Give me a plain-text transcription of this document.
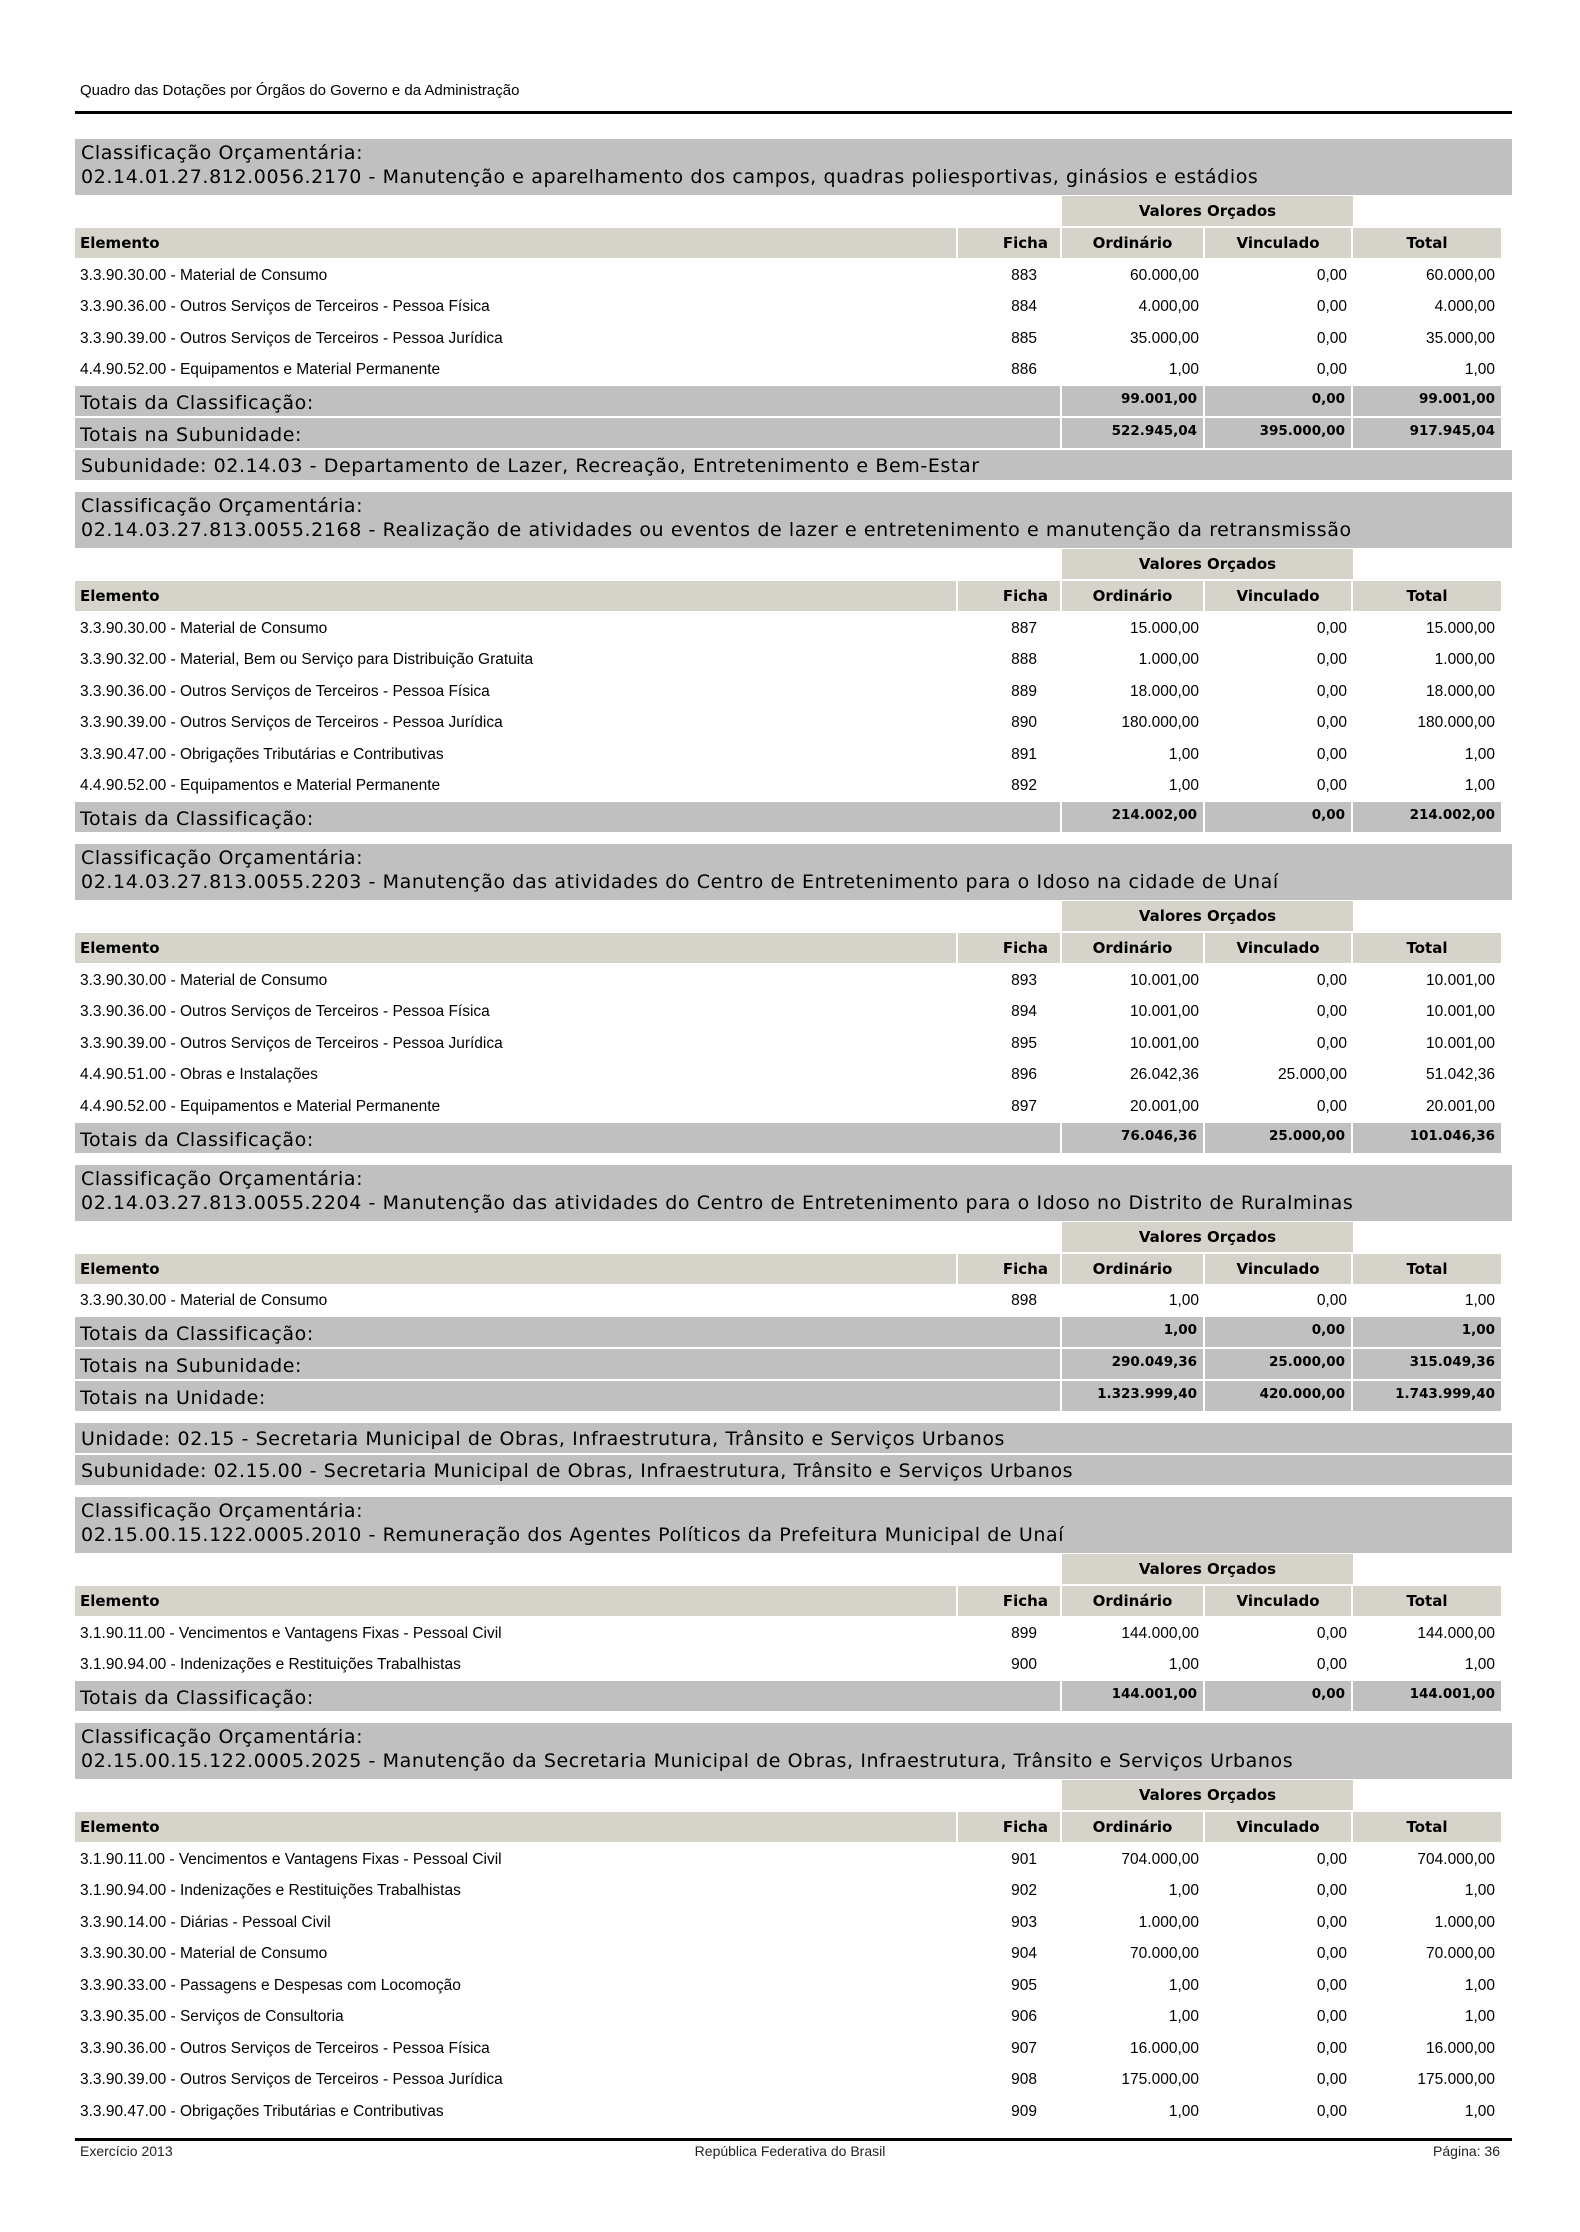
Quadro das Dotações por Órgãos do Governo e da Administração
Classificação Orçamentária:
02.14.01.27.812.0056.2170 - Manutenção e aparelhamento dos campos, quadras poliesportivas, ginásios e estádios
Valores Orçados
Elemento	Ficha	Ordinário	Vinculado	Total
3.3.90.30.00 - Material de Consumo	883	60.000,00	0,00	60.000,00
3.3.90.36.00 - Outros Serviços de Terceiros - Pessoa Física	884	4.000,00	0,00	4.000,00
3.3.90.39.00 - Outros Serviços de Terceiros - Pessoa Jurídica	885	35.000,00	0,00	35.000,00
4.4.90.52.00 - Equipamentos e Material Permanente	886	1,00	0,00	1,00
Totais da Classificação:	99.001,00	0,00	99.001,00
Totais na Subunidade:	522.945,04	395.000,00	917.945,04
Subunidade: 02.14.03 - Departamento de Lazer, Recreação, Entretenimento e Bem-Estar
Classificação Orçamentária:
02.14.03.27.813.0055.2168 - Realização de atividades ou eventos de lazer e entretenimento e manutenção da retransmissão
Valores Orçados
Elemento	Ficha	Ordinário	Vinculado	Total
3.3.90.30.00 - Material de Consumo	887	15.000,00	0,00	15.000,00
3.3.90.32.00 - Material, Bem ou Serviço para Distribuição Gratuita	888	1.000,00	0,00	1.000,00
3.3.90.36.00 - Outros Serviços de Terceiros - Pessoa Física	889	18.000,00	0,00	18.000,00
3.3.90.39.00 - Outros Serviços de Terceiros - Pessoa Jurídica	890	180.000,00	0,00	180.000,00
3.3.90.47.00 - Obrigações Tributárias e Contributivas	891	1,00	0,00	1,00
4.4.90.52.00 - Equipamentos e Material Permanente	892	1,00	0,00	1,00
Totais da Classificação:	214.002,00	0,00	214.002,00
Classificação Orçamentária:
02.14.03.27.813.0055.2203 - Manutenção das atividades do Centro de Entretenimento para o Idoso na cidade de Unaí
Valores Orçados
Elemento	Ficha	Ordinário	Vinculado	Total
3.3.90.30.00 - Material de Consumo	893	10.001,00	0,00	10.001,00
3.3.90.36.00 - Outros Serviços de Terceiros - Pessoa Física	894	10.001,00	0,00	10.001,00
3.3.90.39.00 - Outros Serviços de Terceiros - Pessoa Jurídica	895	10.001,00	0,00	10.001,00
4.4.90.51.00 - Obras e Instalações	896	26.042,36	25.000,00	51.042,36
4.4.90.52.00 - Equipamentos e Material Permanente	897	20.001,00	0,00	20.001,00
Totais da Classificação:	76.046,36	25.000,00	101.046,36
Classificação Orçamentária:
02.14.03.27.813.0055.2204 - Manutenção das atividades do Centro de Entretenimento para o Idoso no Distrito de Ruralminas
Valores Orçados
Elemento	Ficha	Ordinário	Vinculado	Total
3.3.90.30.00 - Material de Consumo	898	1,00	0,00	1,00
Totais da Classificação:	1,00	0,00	1,00
Totais na Subunidade:	290.049,36	25.000,00	315.049,36
Totais na Unidade:	1.323.999,40	420.000,00	1.743.999,40
Unidade: 02.15 - Secretaria Municipal de Obras, Infraestrutura, Trânsito e Serviços Urbanos
Subunidade: 02.15.00 - Secretaria Municipal de Obras, Infraestrutura, Trânsito e Serviços Urbanos
Classificação Orçamentária:
02.15.00.15.122.0005.2010 - Remuneração dos Agentes Políticos da Prefeitura Municipal de Unaí
Valores Orçados
Elemento	Ficha	Ordinário	Vinculado	Total
3.1.90.11.00 - Vencimentos e Vantagens Fixas - Pessoal Civil	899	144.000,00	0,00	144.000,00
3.1.90.94.00 - Indenizações e Restituições Trabalhistas	900	1,00	0,00	1,00
Totais da Classificação:	144.001,00	0,00	144.001,00
Classificação Orçamentária:
02.15.00.15.122.0005.2025 - Manutenção da Secretaria Municipal de Obras, Infraestrutura, Trânsito e Serviços Urbanos
Valores Orçados
Elemento	Ficha	Ordinário	Vinculado	Total
3.1.90.11.00 - Vencimentos e Vantagens Fixas - Pessoal Civil	901	704.000,00	0,00	704.000,00
3.1.90.94.00 - Indenizações e Restituições Trabalhistas	902	1,00	0,00	1,00
3.3.90.14.00 - Diárias - Pessoal Civil	903	1.000,00	0,00	1.000,00
3.3.90.30.00 - Material de Consumo	904	70.000,00	0,00	70.000,00
3.3.90.33.00 - Passagens e Despesas com Locomoção	905	1,00	0,00	1,00
3.3.90.35.00 - Serviços de Consultoria	906	1,00	0,00	1,00
3.3.90.36.00 - Outros Serviços de Terceiros - Pessoa Física	907	16.000,00	0,00	16.000,00
3.3.90.39.00 - Outros Serviços de Terceiros - Pessoa Jurídica	908	175.000,00	0,00	175.000,00
3.3.90.47.00 - Obrigações Tributárias e Contributivas	909	1,00	0,00	1,00
Exercício 2013	República Federativa do Brasil	Página: 36
